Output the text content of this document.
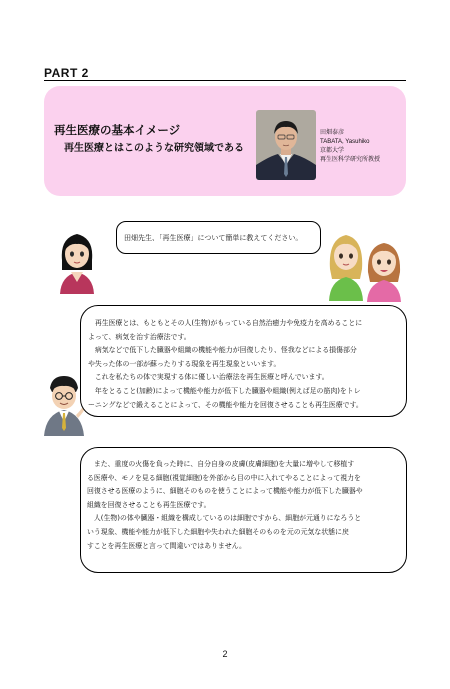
PART 2
再生医療の基本イメージ
再生医療とはこのような研究領域である
田畑泰彦
TABATA, Yasuhiko
京都大学
再生医科学研究所教授
田畑先生、「再生医療」について簡単に教えてください。
　再生医療とは、もともとその人(生物)がもっている自然治癒力や免疫力を高めることに
よって、病気を治す治療法です。
　病気などで低下した臓器や組織の機能や能力が回復したり、怪我などによる損傷部分
や失った体の一部が蘇ったりする現象を再生現象といいます。
　これを私たちの体で実現する体に優しい治療法を再生医療と呼んでいます。
　年をとること(加齢)によって機能や能力が低下した臓器や組織(例えば足の筋肉)をトレ
ーニングなどで鍛えることによって、その機能や能力を回復させることも再生医療です。
　また、重度の火傷を負った時に、自分自身の皮膚(皮膚細胞)を大量に増やして移植す
る医療や、モノを見る細胞(視覚細胞)を外部から目の中に入れてやることによって視力を
回復させる医療のように、細胞そのものを使うことによって機能や能力が低下した臓器や
組織を回復させることも再生医療です。
　人(生物)の体や臓器・組織を構成しているのは細胞ですから、細胞が元通りになろうと
いう現象、機能や能力が低下した細胞や失われた細胞そのものを元の元気な状態に戻
すことを再生医療と言って間違いではありません。
2
